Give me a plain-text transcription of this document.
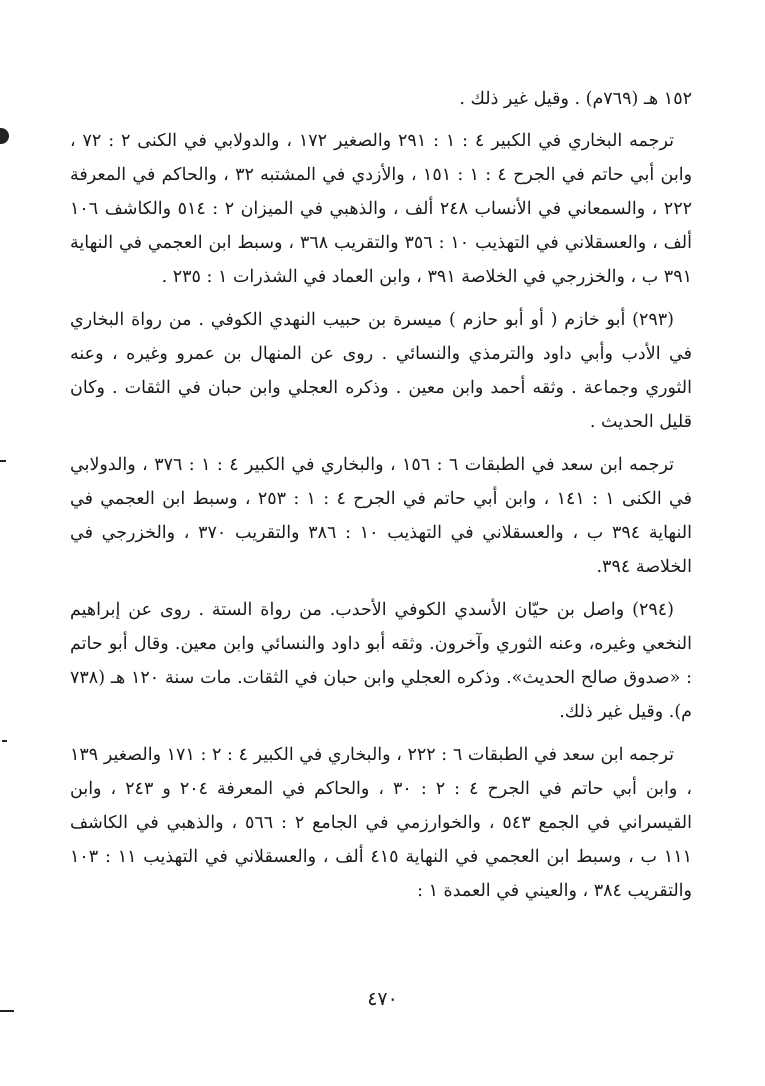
١٥٢ هـ (٧٦٩م) . وقيل غير ذلك .

ترجمه البخاري في الكبير ٤ : ١ : ٢٩١ والصغير ١٧٢ ، والدولابي في الكنى ٢ : ٧٢ ، وابن أبي حاتم في الجرح ٤ : ١ : ١٥١ ، والأزدي في المشتبه ٣٢ ، والحاكم في المعرفة ٢٢٢ ، والسمعاني في الأنساب ٢٤٨ ألف ، والذهبي في الميزان ٢ : ٥١٤ والكاشف ١٠٦ ألف ، والعسقلاني في التهذيب ١٠ : ٣٥٦ والتقريب ٣٦٨ ، وسبط ابن العجمي في النهاية ٣٩١ ب ، والخزرجي في الخلاصة ٣٩١ ، وابن العماد في الشذرات ١ : ٢٣٥ .

(٢٩٣) أبو خازم ( أو أبو حازم ) ميسرة بن حبيب النهدي الكوفي . من رواة البخاري في الأدب وأبي داود والترمذي والنسائي . روى عن المنهال بن عمرو وغيره ، وعنه الثوري وجماعة . وثقه أحمد وابن معين . وذكره العجلي وابن حبان في الثقات . وكان قليل الحديث .

ترجمه ابن سعد في الطبقات ٦ : ١٥٦ ، والبخاري في الكبير ٤ : ١ : ٣٧٦ ، والدولابي في الكنى ١ : ١٤١ ، وابن أبي حاتم في الجرح ٤ : ١ : ٢٥٣ ، وسبط ابن العجمي في النهاية ٣٩٤ ب ، والعسقلاني في التهذيب ١٠ : ٣٨٦ والتقريب ٣٧٠ ، والخزرجي في الخلاصة ٣٩٤.

(٢٩٤) واصل بن حيّان الأسدي الكوفي الأحدب. من رواة الستة . روى عن إبراهيم النخعي وغيره، وعنه الثوري وآخرون. وثقه أبو داود والنسائي وابن معين. وقال أبو حاتم : «صدوق صالح الحديث». وذكره العجلي وابن حبان في الثقات. مات سنة ١٢٠ هـ (٧٣٨ م). وقيل غير ذلك.

ترجمه ابن سعد في الطبقات ٦ : ٢٢٢ ، والبخاري في الكبير ٤ : ٢ : ١٧١ والصغير ١٣٩ ، وابن أبي حاتم في الجرح ٤ : ٢ : ٣٠ ، والحاكم في المعرفة ٢٠٤ و ٢٤٣ ، وابن القيسراني في الجمع ٥٤٣ ، والخوارزمي في الجامع ٢ : ٥٦٦ ، والذهبي في الكاشف ١١١ ب ، وسبط ابن العجمي في النهاية ٤١٥ ألف ، والعسقلاني في التهذيب ١١ : ١٠٣ والتقريب ٣٨٤ ، والعيني في العمدة ١ :

٤٧٠
